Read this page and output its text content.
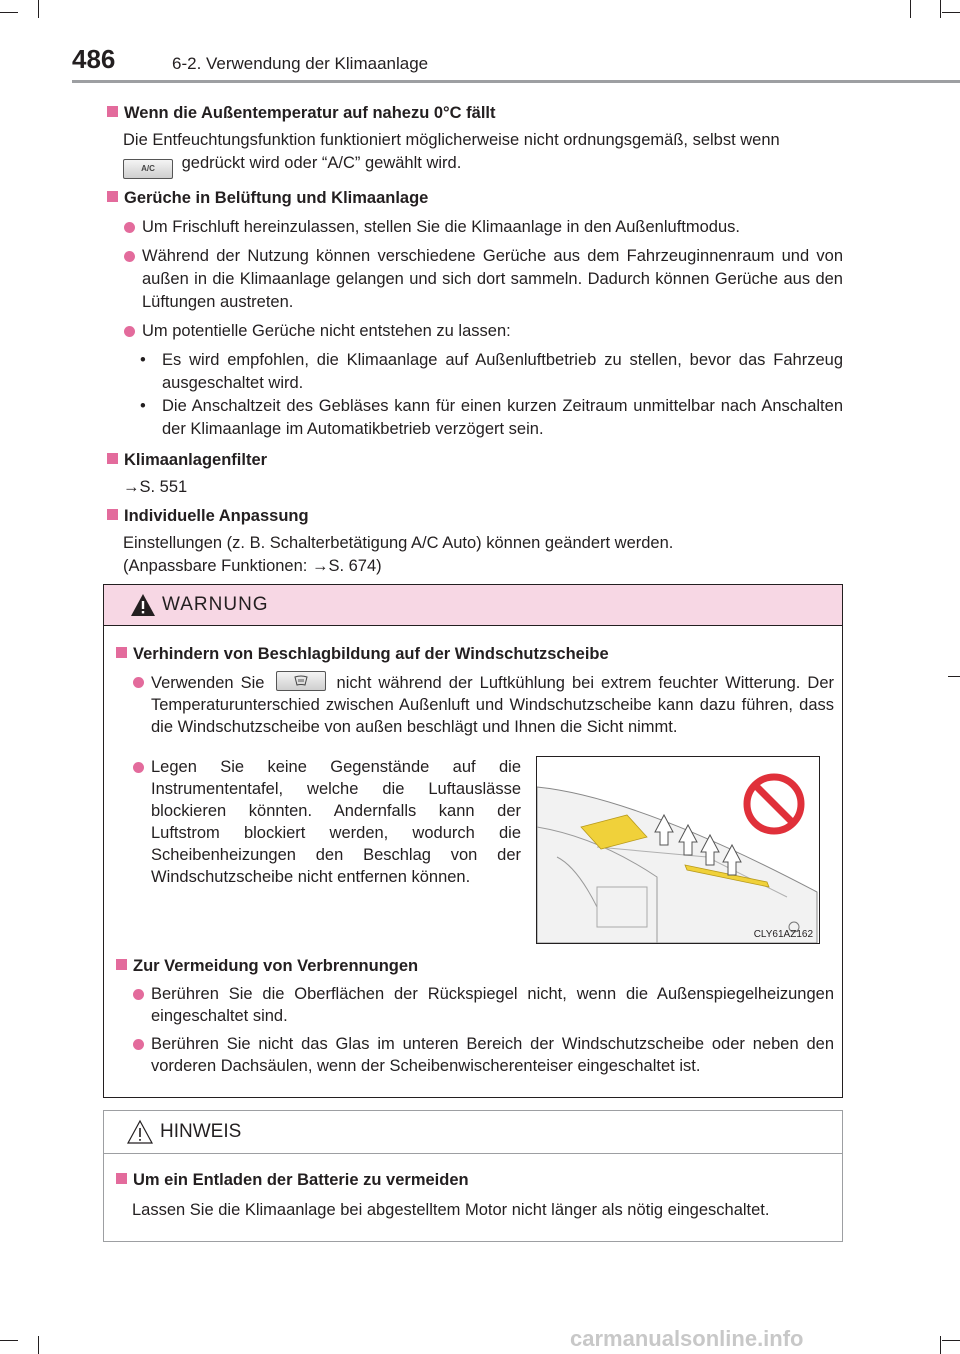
486	6-2. Verwendung der Klimaanlage
Wenn die Außentemperatur auf nahezu 0°C fällt
Die Entfeuchtungsfunktion funktioniert möglicherweise nicht ordnungsgemäß, selbst wenn
A/C gedrückt wird oder “A/C” gewählt wird.
Gerüche in Belüftung und Klimaanlage
Um Frischluft hereinzulassen, stellen Sie die Klimaanlage in den Außenluftmodus.
Während der Nutzung können verschiedene Gerüche aus dem Fahrzeuginnenraum und von außen in die Klimaanlage gelangen und sich dort sammeln. Dadurch können Gerüche aus den Lüftungen austreten.
Um potentielle Gerüche nicht entstehen zu lassen:
• Es wird empfohlen, die Klimaanlage auf Außenluftbetrieb zu stellen, bevor das Fahrzeug ausgeschaltet wird.
• Die Anschaltzeit des Gebläses kann für einen kurzen Zeitraum unmittelbar nach Anschalten der Klimaanlage im Automatikbetrieb verzögert sein.
Klimaanlagenfilter
→S. 551
Individuelle Anpassung
Einstellungen (z. B. Schalterbetätigung A/C Auto) können geändert werden.
(Anpassbare Funktionen: →S. 674)
WARNUNG
Verhindern von Beschlagbildung auf der Windschutzscheibe
Verwenden Sie	nicht während der Luftkühlung bei extrem feuchter Witterung. Der Temperaturunterschied zwischen Außenluft und Windschutzscheibe kann dazu führen, dass die Windschutzscheibe von außen beschlägt und Ihnen die Sicht nimmt.
Legen Sie keine Gegenstände auf die Instrumententafel, welche die Luftauslässe blockieren könnten. Andernfalls kann der Luftstrom blockiert werden, wodurch die Scheibenheizungen den Beschlag von der Windschutzscheibe nicht entfernen können.
CLY61AZ162
Zur Vermeidung von Verbrennungen
Berühren Sie die Oberflächen der Rückspiegel nicht, wenn die Außenspiegelheizungen eingeschaltet sind.
Berühren Sie nicht das Glas im unteren Bereich der Windschutzscheibe oder neben den vorderen Dachsäulen, wenn der Scheibenwischerenteiser eingeschaltet ist.
HINWEIS
Um ein Entladen der Batterie zu vermeiden
Lassen Sie die Klimaanlage bei abgestelltem Motor nicht länger als nötig eingeschaltet.
carmanualsonline.info
